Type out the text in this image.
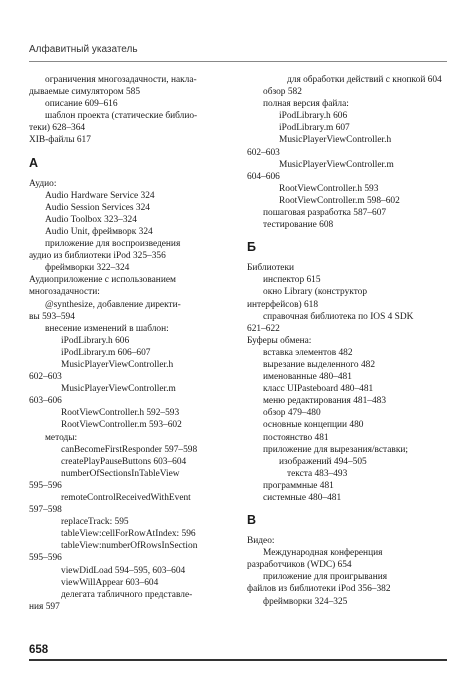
Алфавитный указатель
ограничения многозадачности, накла-
дываемые симулятором 585
описание 609–616
шаблон проекта (статические библио-
теки) 628–364
XIB-файлы 617
А
Аудио:
Audio Hardware Service 324
Audio Session Services 324
Audio Toolbox 323–324
Audio Unit, фреймворк 324
приложение для воспроизведения
аудио из библиотеки iPod 325–356
фреймворки 322–324
Аудиоприложение с использованием
многозадачности:
@synthesize, добавление директи-
вы 593–594
внесение изменений в шаблон:
iPodLibrary.h 606
iPodLibrary.m 606–607
MusicPlayerViewController.h
602–603
MusicPlayerViewController.m
603–606
RootViewController.h 592–593
RootViewController.m 593–602
методы:
canBecomeFirstResponder 597–598
createPlayPauseButtons 603–604
numberOfSectionsInTableView
595–596
remoteControlReceivedWithEvent
597–598
replaceTrack: 595
tableView:cellForRowAtIndex: 596
tableView:numberOfRowsInSection
595–596
viewDidLoad 594–595, 603–604
viewWillAppear 603–604
делегата табличного представле-
ния 597
для обработки действий с кнопкой 604
обзор 582
полная версия файла:
iPodLibrary.h 606
iPodLibrary.m 607
MusicPlayerViewController.h
602–603
MusicPlayerViewController.m
604–606
RootViewController.h 593
RootViewController.m 598–602
пошаговая разработка 587–607
тестирование 608
Б
Библиотеки
инспектор 615
окно Library (конструктор
интерфейсов) 618
справочная библиотека по IOS 4 SDK
621–622
Буферы обмена:
вставка элементов 482
вырезание выделенного 482
именованные 480–481
класс UIPasteboard 480–481
меню редактирования 481–483
обзор 479–480
основные концепции 480
постоянство 481
приложение для вырезания/вставки;
изображений 494–505
текста 483–493
программные 481
системные 480–481
В
Видео:
Международная конференция
разработчиков (WDC) 654
приложение для проигрывания
файлов из библиотеки iPod 356–382
фреймворки 324–325
658
